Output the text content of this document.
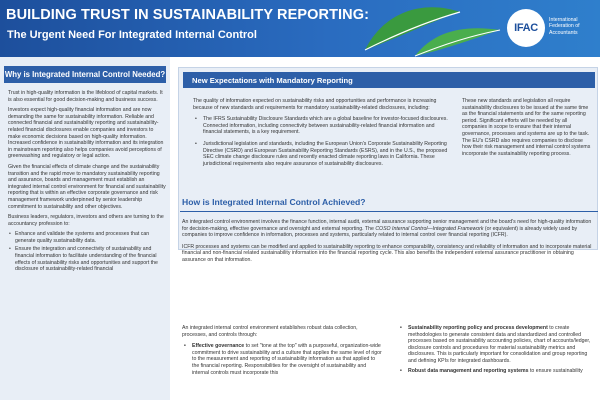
BUILDING TRUST IN SUSTAINABILITY REPORTING:
The Urgent Need For Integrated Internal Control
IFAC
International Federation of Accountants
Why is Integrated Internal Control Needed?

Trust in high-quality information is the lifeblood of capital markets. It is also essential for good decision-making and business success.

Investors expect high-quality financial information and are now demanding the same for sustainability information. Reliable and connected financial and sustainability reporting and sustainability-related financial disclosures enable companies and investors to make economic decisions based on high-quality information. Increased confidence in sustainability information and its integration in mainstream reporting also helps companies avoid perceptions of greenwashing and regulatory or legal action.

Given the financial effects of climate change and the sustainability transition and the rapid move to mandatory sustainability reporting and assurance, boards and management must establish an integrated internal control environment for financial and sustainability reporting that is within an effective corporate governance and risk management framework underpinned by senior leadership commitment to sustainability and other objectives.

Business leaders, regulators, investors and others are turning to the accountancy profession to:

• Enhance and validate the systems and processes that can generate quality sustainability data.
• Ensure the integration and connectivity of sustainability and financial information to facilitate understanding of the financial effects of sustainability risks and opportunities and support the disclosure of sustainability-related financial
New Expectations with Mandatory Reporting

The quality of information expected on sustainability risks and opportunities and performance is increasing because of new standards and requirements for mandatory sustainability-related disclosures, including:

• The IFRS Sustainability Disclosure Standards which are a global baseline for investor-focused disclosures. Connected information, including connectivity between sustainability-related financial information and financial statements, is a key requirement.
• Jurisdictional legislation and standards, including the European Union's Corporate Sustainability Reporting Directive (CSRD) and European Sustainability Reporting Standards (ESRS), and in the U.S., the proposed SEC climate change disclosure rules and recently enacted climate reporting laws in California. These jurisdictional requirements also require assurance of sustainability disclosures.
These new standards and legislation all require sustainability disclosures to be issued at the same time as the financial statements and for the same reporting period. Significant efforts will be needed by all companies in scope to ensure that their internal governance, processes and systems are up to the task. The EU's CSRD also requires companies to disclose how their risk management and internal control systems incorporate the sustainability reporting process.
How is Integrated Internal Control Achieved?

An integrated control environment involves the finance function, internal audit, external assurance supporting senior management and the board's need for high-quality information for decision-making, effective governance and oversight and external reporting. The COSO Internal Control—Integrated Framework (or equivalent) is already widely used by companies to improve confidence in information, processes and systems, particularly related to internal control over financial reporting (ICFR).

ICFR processes and systems can be modified and applied to sustainability reporting to enhance comparability, consistency and reliability of information and to incorporate material financial and non-financial related sustainability information into the financial reporting cycle. This also benefits the independent external assurance practitioner in obtaining assurance on that information.

An integrated internal control environment establishes robust data collection, processes, and controls through:

• Effective governance to set "tone at the top" with a purposeful, organization-wide commitment to drive sustainability and a culture that applies the same level of rigor to the measurement and reporting of sustainability information as that applied to the financial reporting. Responsibilities for the oversight of sustainability and internal controls must incorporate this
• Sustainability reporting policy and process development to create methodologies to generate consistent data and standardized and controlled processes based on sustainability accounting policies, chart of accounts/ledger, disclosure controls and procedures for material sustainability metrics and disclosures. This is particularly important for consolidation and group reporting and defining KPIs for integrated dashboards.
• Robust data management and reporting systems to ensure sustainability
